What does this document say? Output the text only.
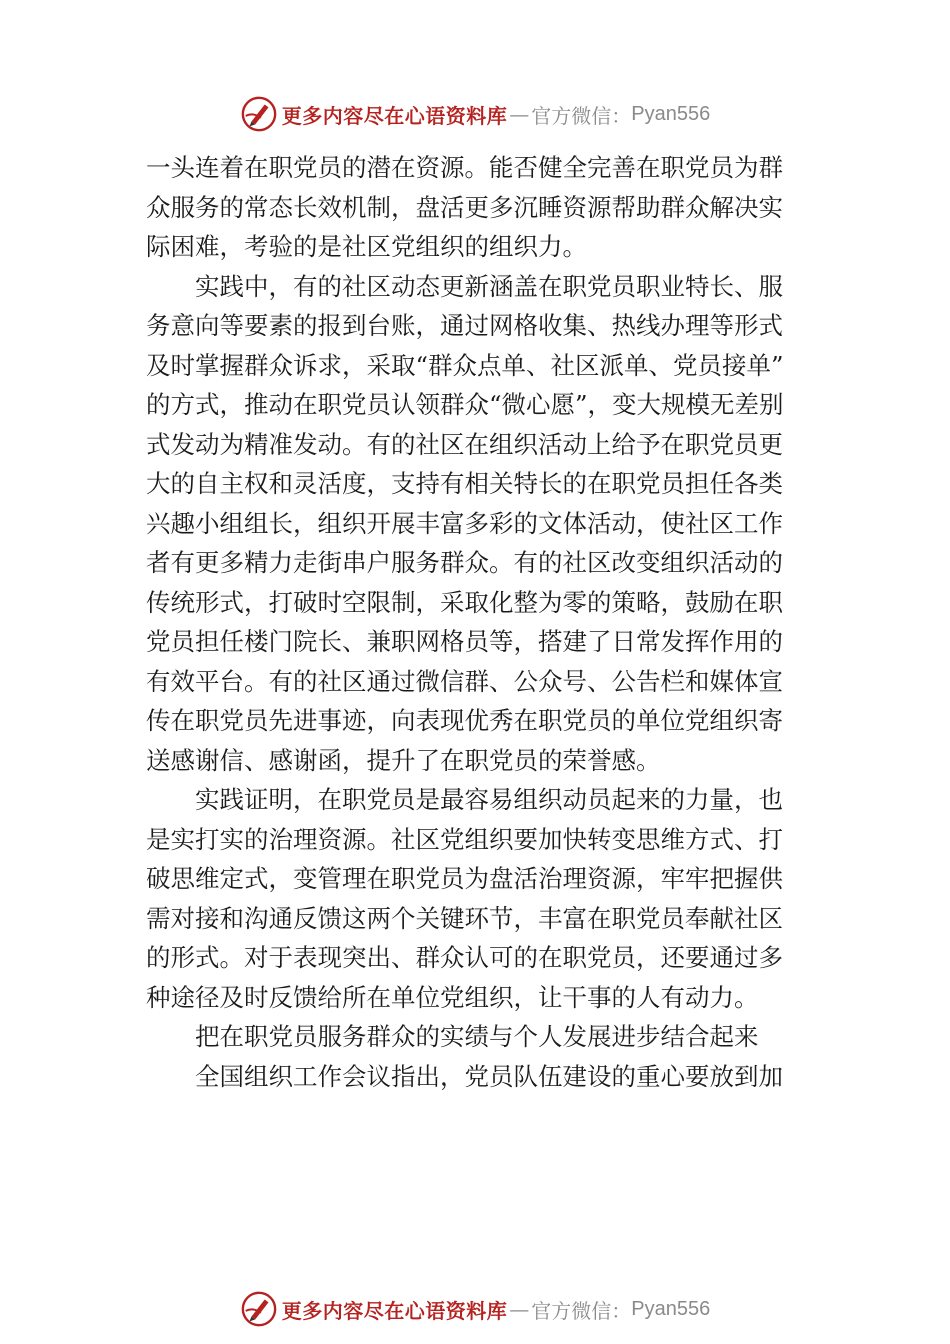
更多内容尽在心语资料库 — 官方微信： Pyan556
一头连着在职党员的潜在资源。能否健全完善在职党员为群
众服务的常态长效机制，盘活更多沉睡资源帮助群众解决实
际困难，考验的是社区党组织的组织力。
实践中，有的社区动态更新涵盖在职党员职业特长、服
务意向等要素的报到台账，通过网格收集、热线办理等形式
及时掌握群众诉求，采取“群众点单、社区派单、党员接单”
的方式，推动在职党员认领群众“微心愿”，变大规模无差别
式发动为精准发动。有的社区在组织活动上给予在职党员更
大的自主权和灵活度，支持有相关特长的在职党员担任各类
兴趣小组组长，组织开展丰富多彩的文体活动，使社区工作
者有更多精力走街串户服务群众。有的社区改变组织活动的
传统形式，打破时空限制，采取化整为零的策略，鼓励在职
党员担任楼门院长、兼职网格员等，搭建了日常发挥作用的
有效平台。有的社区通过微信群、公众号、公告栏和媒体宣
传在职党员先进事迹，向表现优秀在职党员的单位党组织寄
送感谢信、感谢函，提升了在职党员的荣誉感。
实践证明，在职党员是最容易组织动员起来的力量，也
是实打实的治理资源。社区党组织要加快转变思维方式、打
破思维定式，变管理在职党员为盘活治理资源，牢牢把握供
需对接和沟通反馈这两个关键环节，丰富在职党员奉献社区
的形式。对于表现突出、群众认可的在职党员，还要通过多
种途径及时反馈给所在单位党组织，让干事的人有动力。
把在职党员服务群众的实绩与个人发展进步结合起来
全国组织工作会议指出，党员队伍建设的重心要放到加
更多内容尽在心语资料库 — 官方微信： Pyan556
